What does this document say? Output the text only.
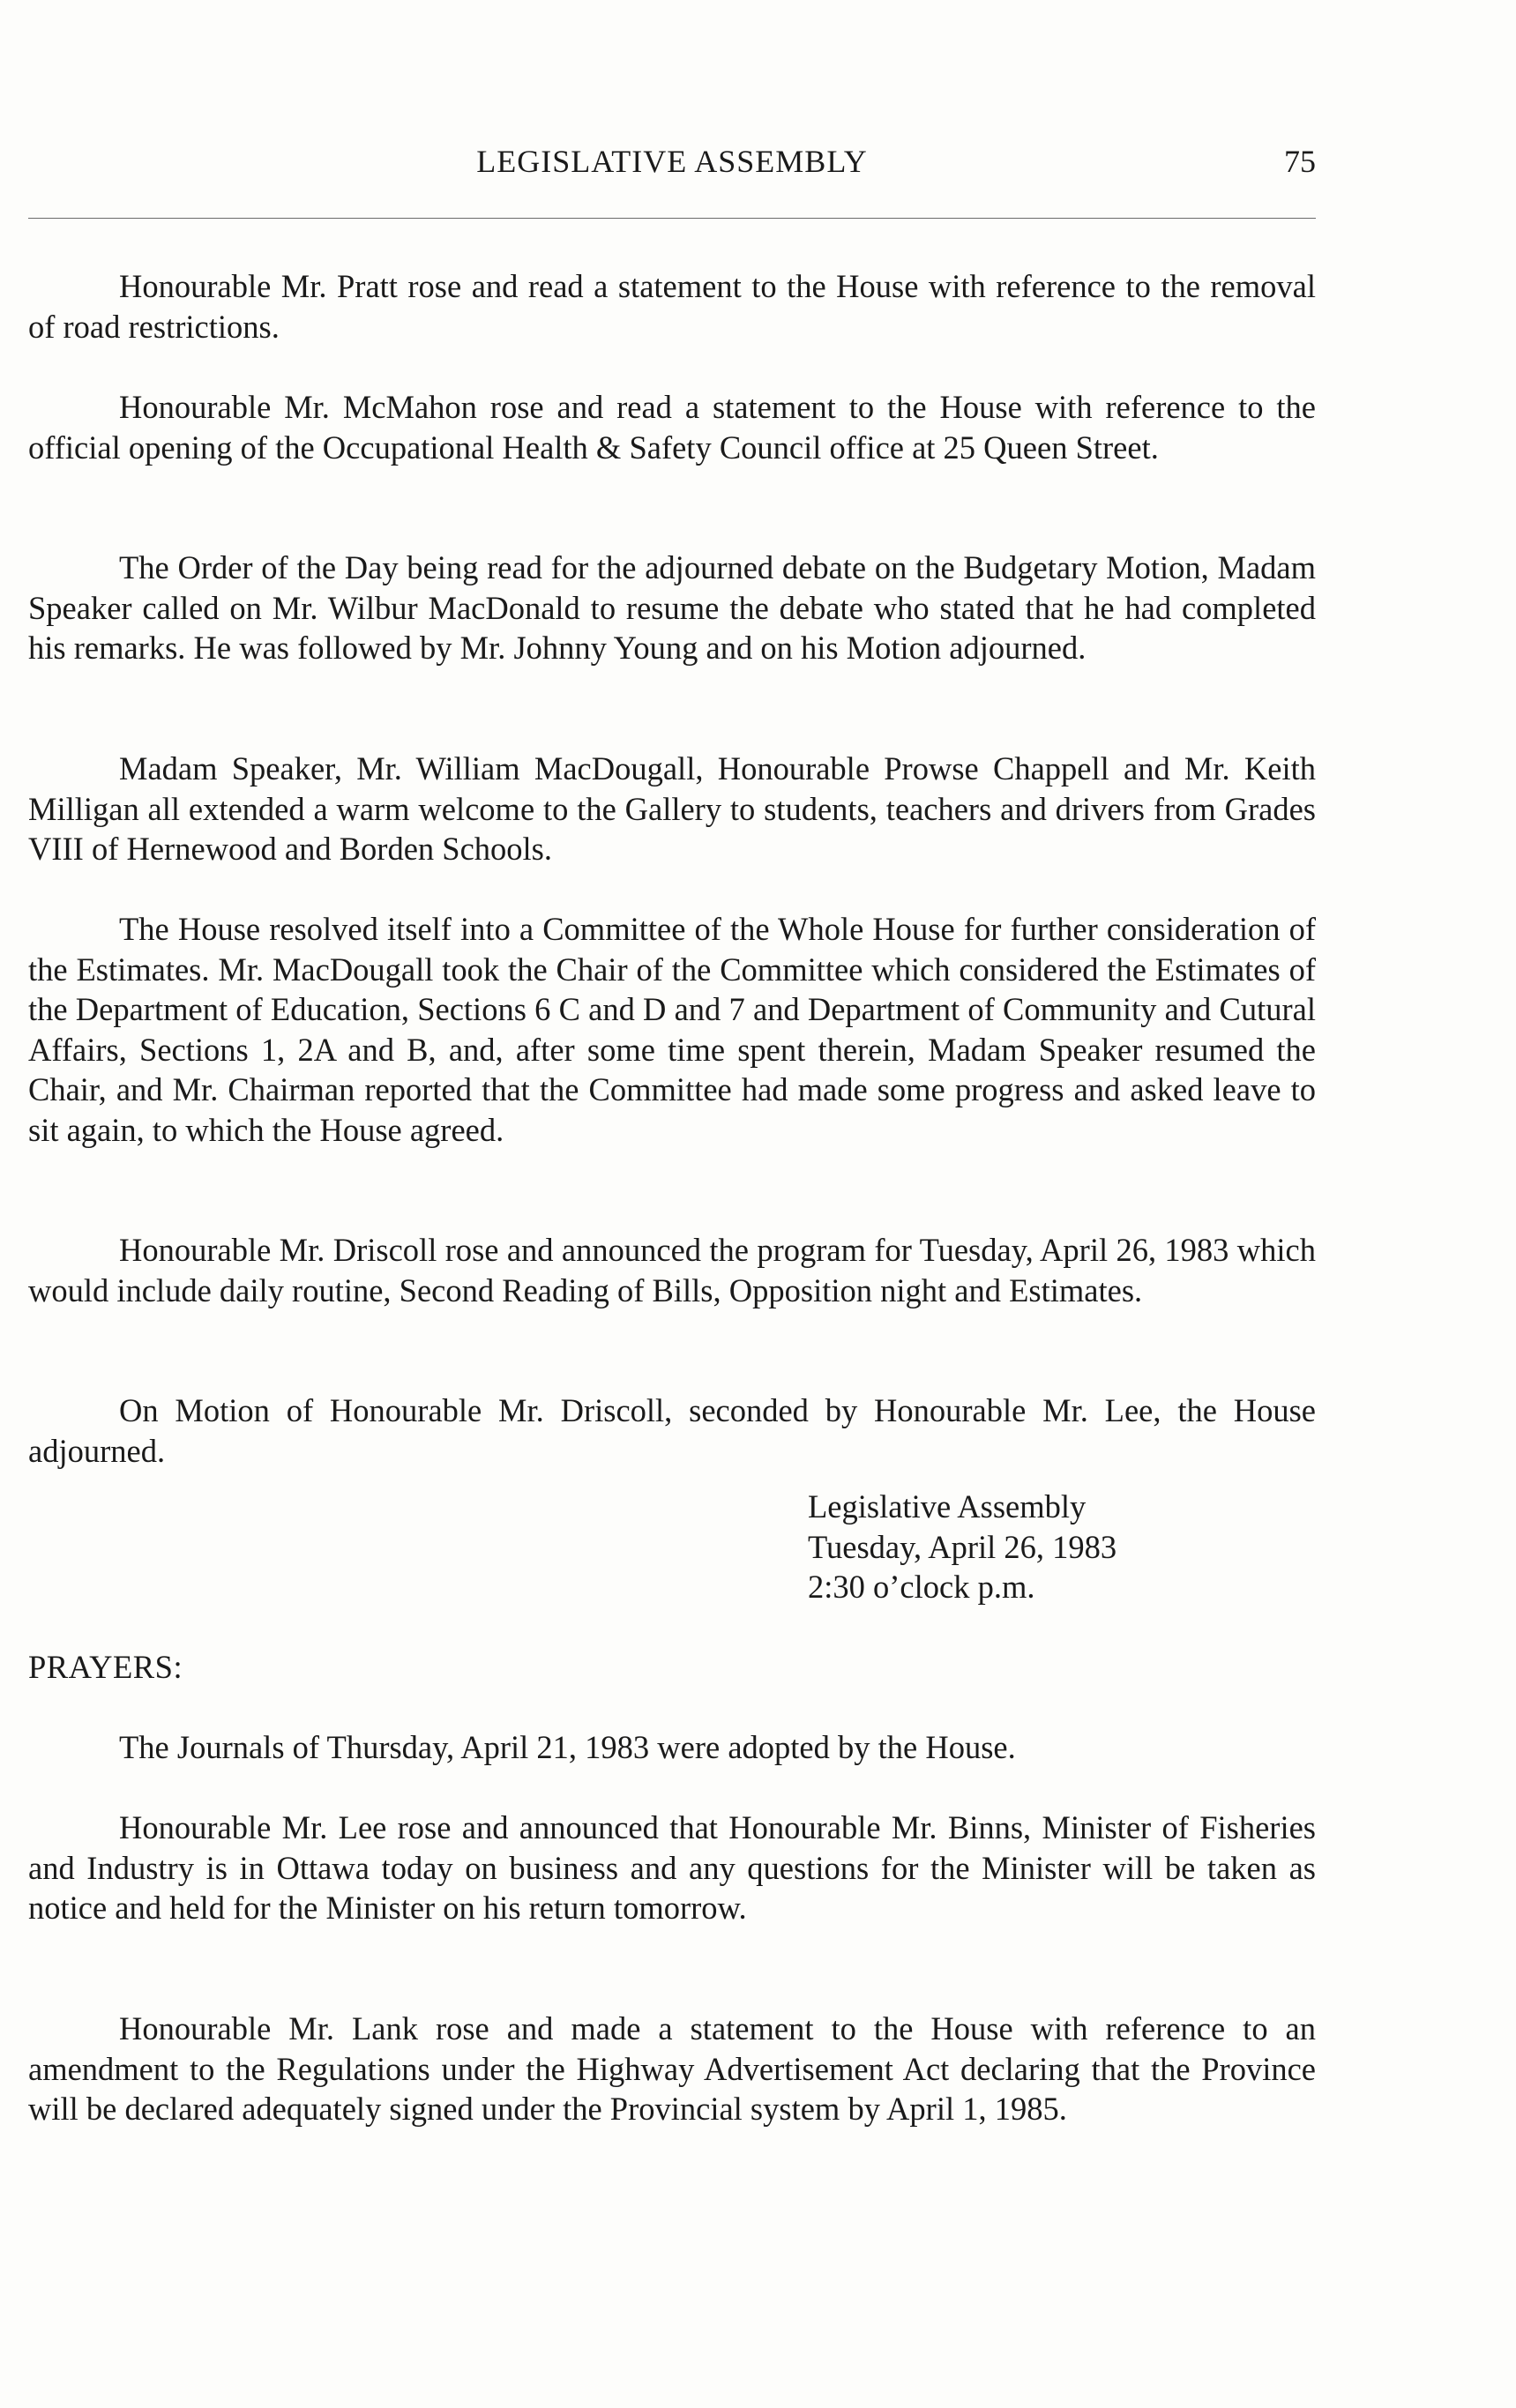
LEGISLATIVE ASSEMBLY	75

Honourable Mr. Pratt rose and read a statement to the House with reference to the removal of road restrictions.

Honourable Mr. McMahon rose and read a statement to the House with reference to the official opening of the Occupational Health & Safety Council office at 25 Queen Street.

The Order of the Day being read for the adjourned debate on the Budgetary Motion, Madam Speaker called on Mr. Wilbur MacDonald to resume the debate who stated that he had completed his remarks. He was followed by Mr. Johnny Young and on his Motion adjourned.

Madam Speaker, Mr. William MacDougall, Honourable Prowse Chappell and Mr. Keith Milligan all extended a warm welcome to the Gallery to students, teachers and drivers from Grades VIII of Hernewood and Borden Schools.

The House resolved itself into a Committee of the Whole House for further consideration of the Estimates. Mr. MacDougall took the Chair of the Committee which considered the Estimates of the Department of Education, Sections 6 C and D and 7 and Department of Community and Cutural Affairs, Sections 1, 2A and B, and, after some time spent therein, Madam Speaker resumed the Chair, and Mr. Chairman reported that the Committee had made some progress and asked leave to sit again, to which the House agreed.

Honourable Mr. Driscoll rose and announced the program for Tuesday, April 26, 1983 which would include daily routine, Second Reading of Bills, Opposition night and Estimates.

On Motion of Honourable Mr. Driscoll, seconded by Honourable Mr. Lee, the House adjourned.

Legislative Assembly
Tuesday, April 26, 1983
2:30 o’clock p.m.
PRAYERS:

The Journals of Thursday, April 21, 1983 were adopted by the House.

Honourable Mr. Lee rose and announced that Honourable Mr. Binns, Minister of Fisheries and Industry is in Ottawa today on business and any questions for the Minister will be taken as notice and held for the Minister on his return tomorrow.

Honourable Mr. Lank rose and made a statement to the House with reference to an amendment to the Regulations under the Highway Advertisement Act declaring that the Province will be declared adequately signed under the Provincial system by April 1, 1985.
